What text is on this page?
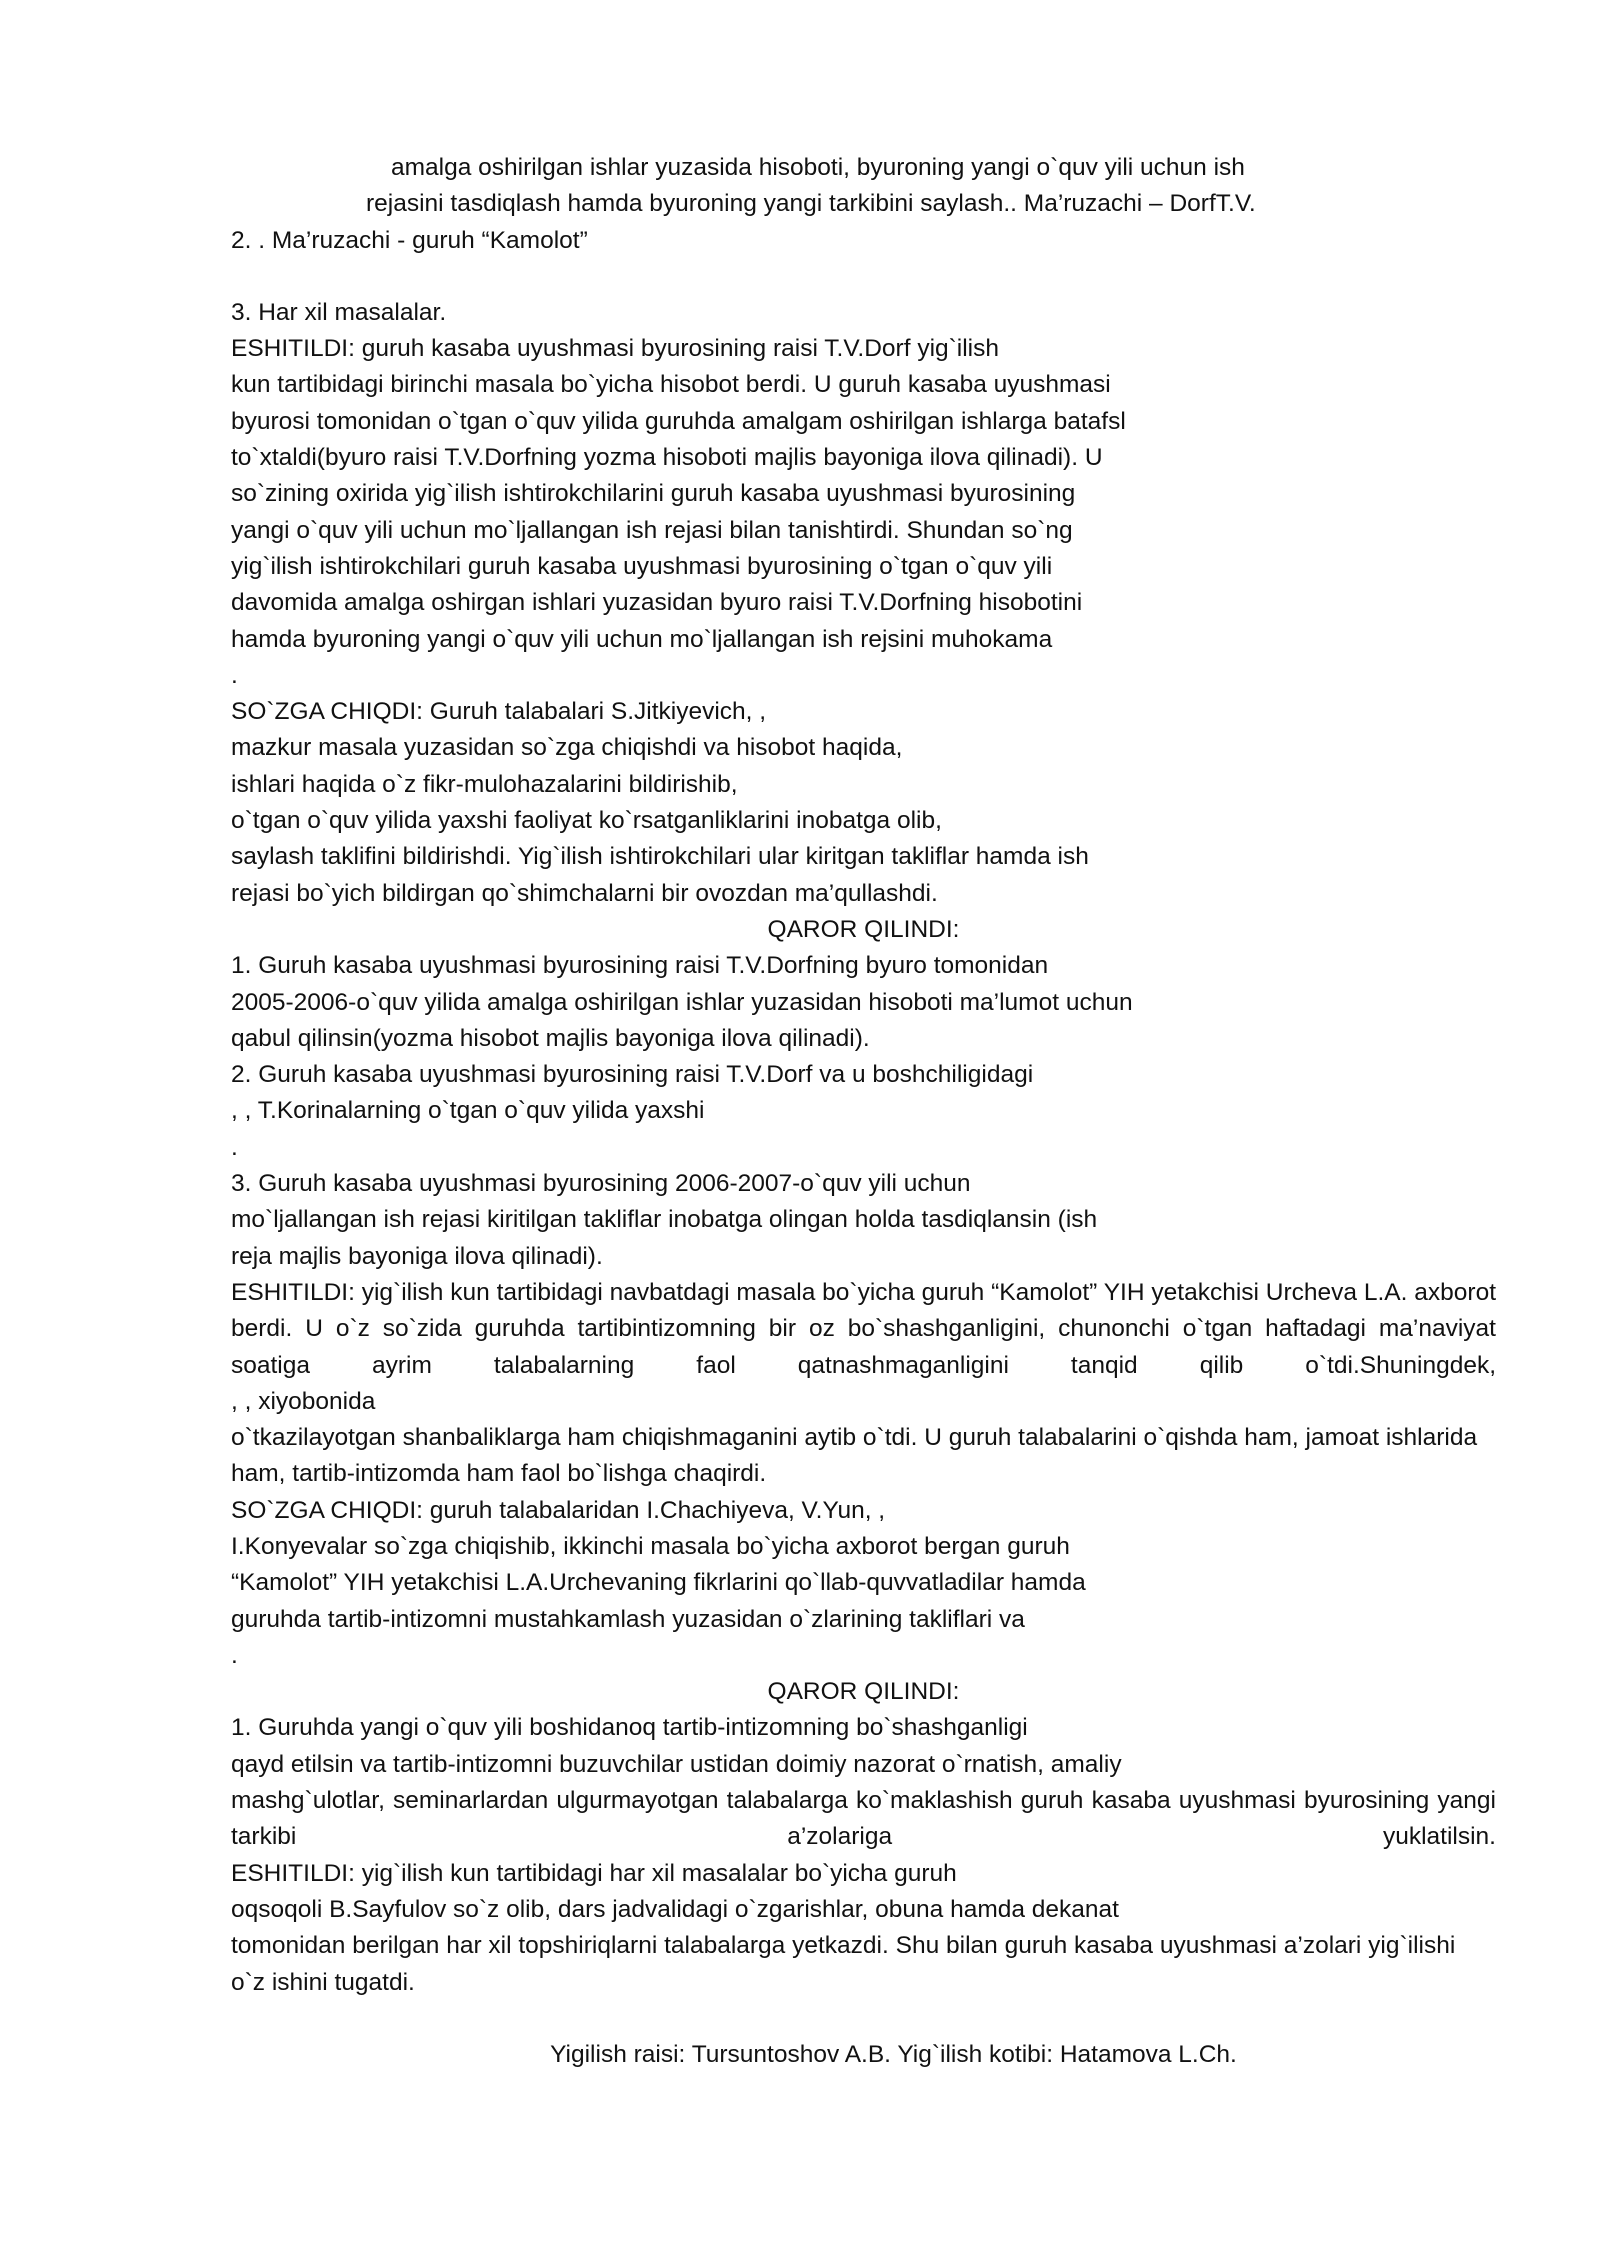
amalga oshirilgan ishlar yuzasida hisoboti, byuroning yangi o`quv yili uchun ish
rejasini tasdiqlash hamda byuroning yangi tarkibini saylash.. Ma’ruzachi – DorfT.V.
2. . Ma’ruzachi - guruh “Kamolot”
3. Har xil masalalar.
ESHITILDI: guruh kasaba uyushmasi byurosining raisi T.V.Dorf yig`ilish
kun tartibidagi birinchi masala bo`yicha hisobot berdi. U guruh kasaba uyushmasi
byurosi tomonidan o`tgan o`quv yilida guruhda amalgam oshirilgan ishlarga batafsl
to`xtaldi(byuro raisi T.V.Dorfning yozma hisoboti majlis bayoniga ilova qilinadi). U
so`zining oxirida yig`ilish ishtirokchilarini guruh kasaba uyushmasi byurosining
yangi o`quv yili uchun mo`ljallangan ish rejasi bilan tanishtirdi. Shundan so`ng
yig`ilish ishtirokchilari guruh kasaba uyushmasi byurosining o`tgan o`quv yili
davomida amalga oshirgan ishlari yuzasidan byuro raisi T.V.Dorfning hisobotini
hamda byuroning yangi o`quv yili uchun mo`ljallangan ish rejsini muhokama
.
SO`ZGA CHIQDI: Guruh talabalari S.Jitkiyevich, ,
mazkur masala yuzasidan so`zga chiqishdi va hisobot haqida,
ishlari haqida o`z fikr-mulohazalarini bildirishib,
o`tgan o`quv yilida yaxshi faoliyat ko`rsatganliklarini inobatga olib,
saylash taklifini bildirishdi. Yig`ilish ishtirokchilari ular kiritgan takliflar hamda ish
rejasi bo`yich bildirgan qo`shimchalarni bir ovozdan ma’qullashdi.
QAROR QILINDI:
1. Guruh kasaba uyushmasi byurosining raisi T.V.Dorfning byuro tomonidan
2005-2006-o`quv yilida amalga oshirilgan ishlar yuzasidan hisoboti ma’lumot uchun
qabul qilinsin(yozma hisobot majlis bayoniga ilova qilinadi).
2. Guruh kasaba uyushmasi byurosining raisi T.V.Dorf va u boshchiligidagi
, , T.Korinalarning o`tgan o`quv yilida yaxshi
.
3. Guruh kasaba uyushmasi byurosining 2006-2007-o`quv yili uchun
mo`ljallangan ish rejasi kiritilgan takliflar inobatga olingan holda tasdiqlansin (ish
reja majlis bayoniga ilova qilinadi).
ESHITILDI: yig`ilish kun tartibidagi navbatdagi masala bo`yicha guruh “Kamolot” YIH yetakchisi Urcheva L.A. axborot berdi. U o`z so`zida guruhda tartibintizomning bir oz bo`shashganligini, chunonchi o`tgan haftadagi ma’naviyat soatiga ayrim talabalarning faol qatnashmaganligini tanqid qilib o`tdi.Shuningdek,
, , xiyobonida
o`tkazilayotgan shanbaliklarga ham chiqishmaganini aytib o`tdi. U guruh talabalarini o`qishda ham, jamoat ishlarida ham, tartib-intizomda ham faol bo`lishga chaqirdi.
SO`ZGA CHIQDI: guruh talabalaridan I.Chachiyeva, V.Yun, ,
I.Konyevalar so`zga chiqishib, ikkinchi masala bo`yicha axborot bergan guruh
“Kamolot” YIH yetakchisi L.A.Urchevaning fikrlarini qo`llab-quvvatladilar hamda
guruhda tartib-intizomni mustahkamlash yuzasidan o`zlarining takliflari va
.
QAROR QILINDI:
1. Guruhda yangi o`quv yili boshidanoq tartib-intizomning bo`shashganligi
qayd etilsin va tartib-intizomni buzuvchilar ustidan doimiy nazorat o`rnatish, amaliy
mashg`ulotlar, seminarlardan ulgurmayotgan talabalarga ko`maklashish guruh kasaba uyushmasi byurosining yangi tarkibi a’zolariga yuklatilsin.
ESHITILDI: yig`ilish kun tartibidagi har xil masalalar bo`yicha guruh
oqsoqoli B.Sayfulov so`z olib, dars jadvalidagi o`zgarishlar, obuna hamda dekanat
tomonidan berilgan har xil topshiriqlarni talabalarga yetkazdi. Shu bilan guruh kasaba uyushmasi a’zolari yig`ilishi o`z ishini tugatdi.
Yigilish raisi: Tursuntoshov A.B. Yig`ilish kotibi: Hatamova L.Ch.
